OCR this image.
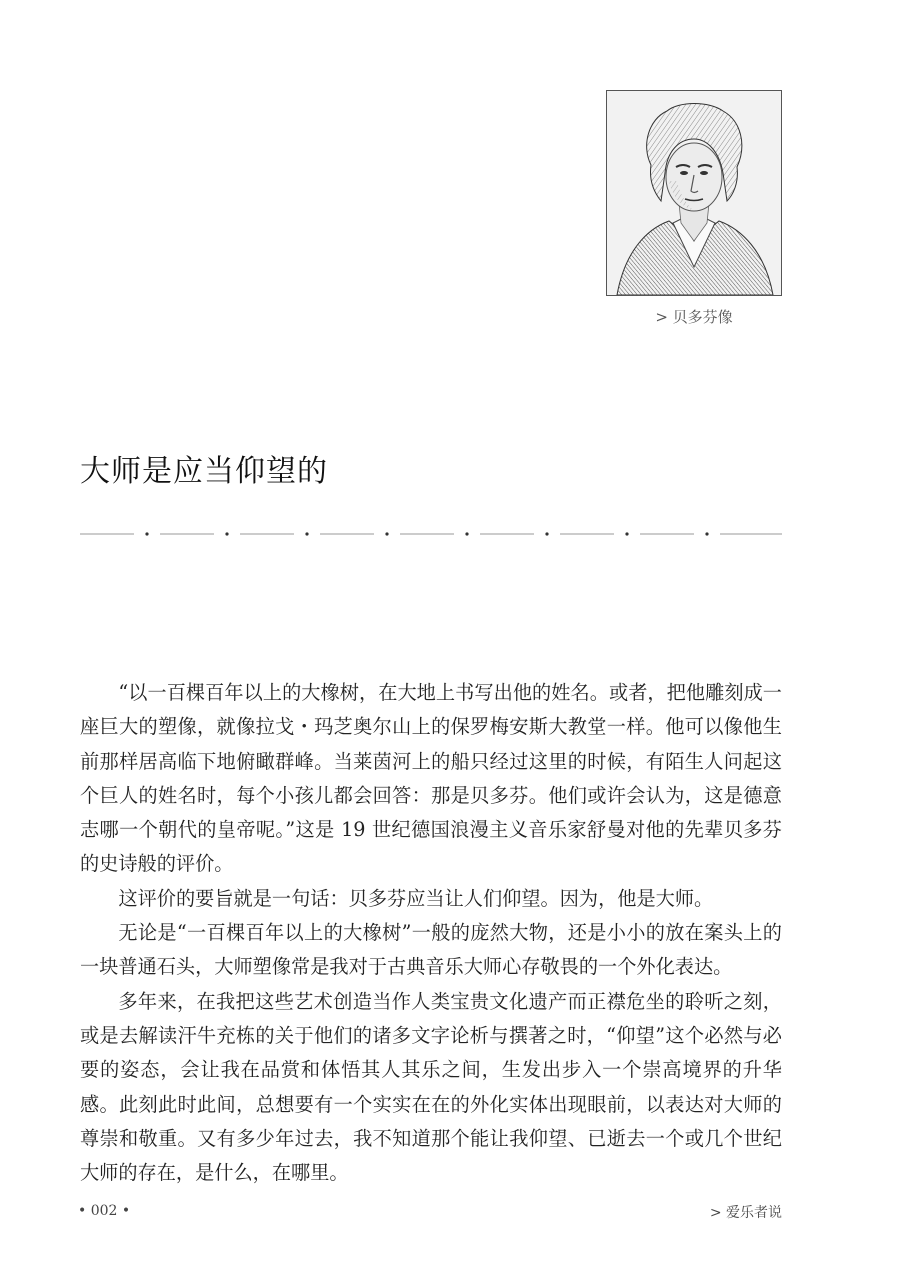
> 贝多芬像
大师是应当仰望的

“以一百棵百年以上的大橡树，在大地上书写出他的姓名。或者，把他雕刻成一座巨大的塑像，就像拉戈・玛芝奥尔山上的保罗梅安斯大教堂一样。他可以像他生前那样居高临下地俯瞰群峰。当莱茵河上的船只经过这里的时候，有陌生人问起这个巨人的姓名时，每个小孩儿都会回答：那是贝多芬。他们或许会认为，这是德意志哪一个朝代的皇帝呢。”这是 19 世纪德国浪漫主义音乐家舒曼对他的先辈贝多芬的史诗般的评价。

这评价的要旨就是一句话：贝多芬应当让人们仰望。因为，他是大师。

无论是“一百棵百年以上的大橡树”一般的庞然大物，还是小小的放在案头上的一块普通石头，大师塑像常是我对于古典音乐大师心存敬畏的一个外化表达。

多年来，在我把这些艺术创造当作人类宝贵文化遗产而正襟危坐的聆听之刻，或是去解读汗牛充栋的关于他们的诸多文字论析与撰著之时，“仰望”这个必然与必要的姿态，会让我在品赏和体悟其人其乐之间，生发出步入一个崇高境界的升华感。此刻此时此间，总想要有一个实实在在的外化实体出现眼前，以表达对大师的尊崇和敬重。又有多少年过去，我不知道那个能让我仰望、已逝去一个或几个世纪大师的存在，是什么，在哪里。

• 002 •	> 爱乐者说
